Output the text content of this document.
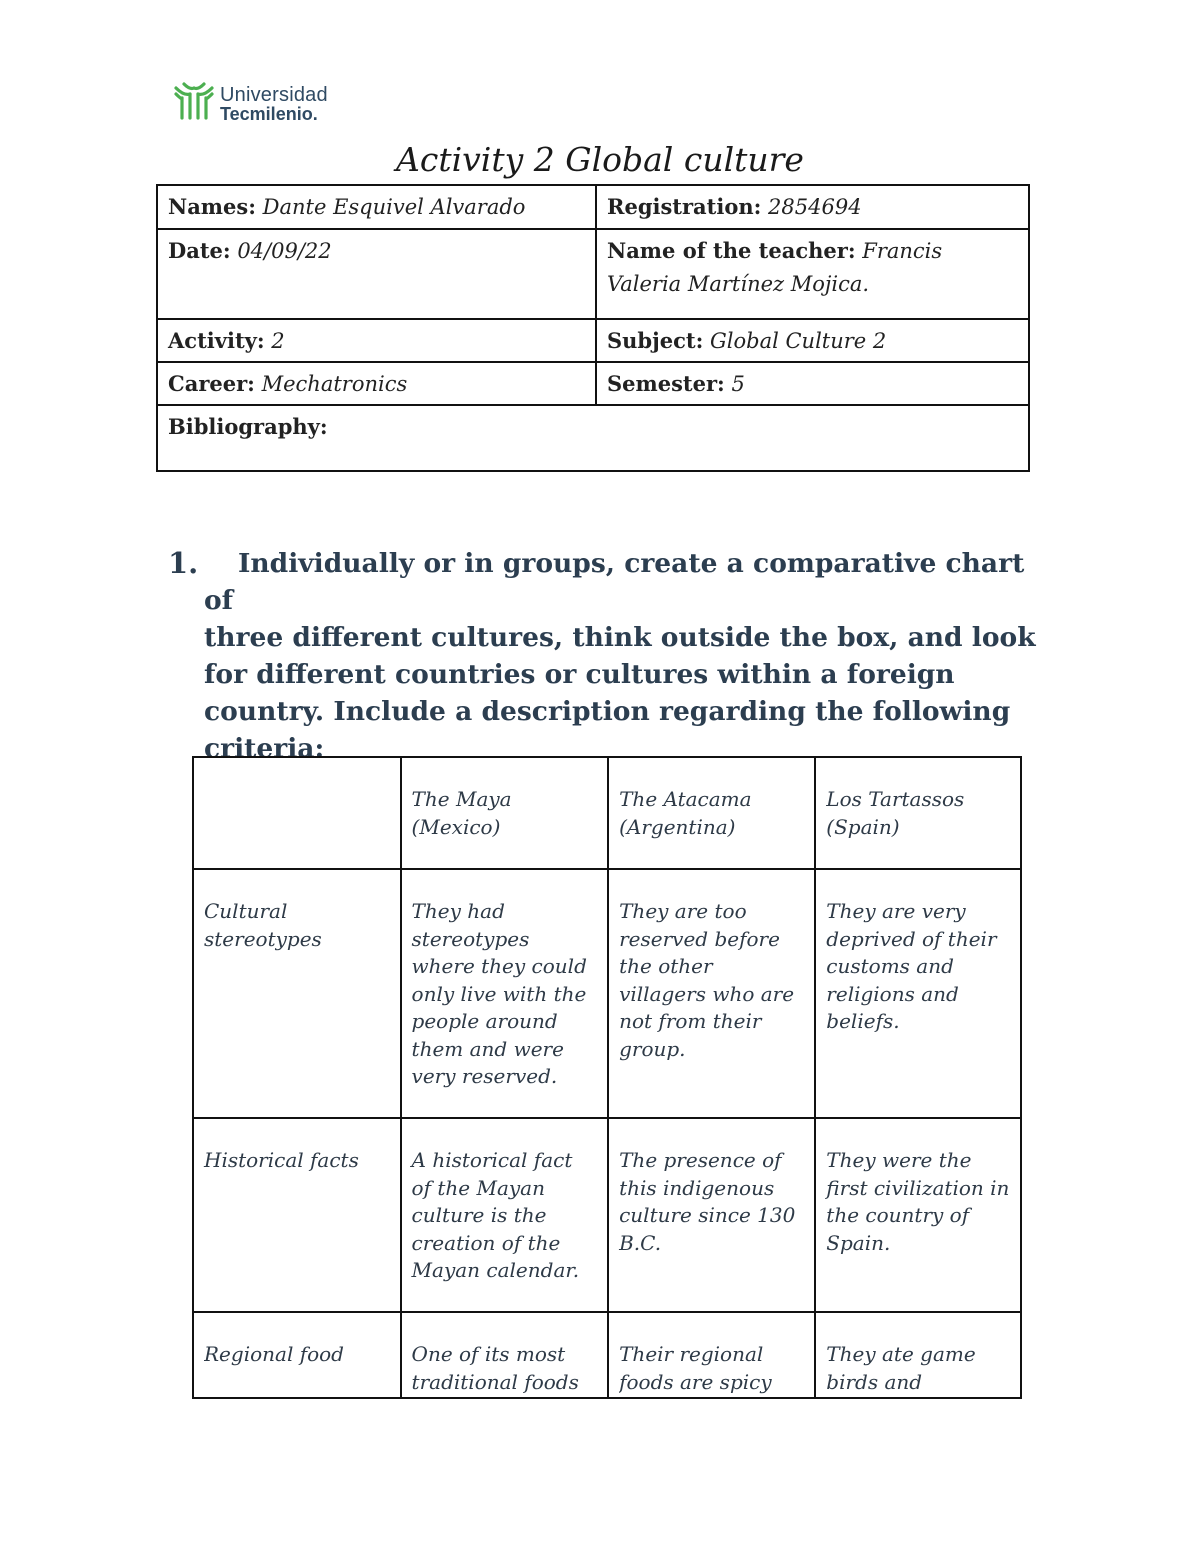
Universidad
Tecmilenio.
Activity 2 Global culture
Names: Dante Esquivel Alvarado	Registration: 2854694
Date: 04/09/22	Name of the teacher: Francis Valeria Martínez Mojica.
Activity: 2	Subject: Global Culture 2
Career: Mechatronics	Semester: 5
Bibliography:	
1.	Individually or in groups, create a comparative chart of
three different cultures, think outside the box, and look
for different countries or cultures within a foreign
country. Include a description regarding the following
criteria:
	The Maya (Mexico)	The Atacama (Argentina)	Los Tartassos (Spain)
Cultural stereotypes	They had stereotypes where they could only live with the people around them and were very reserved.	They are too reserved before the other villagers who are not from their group.	They are very deprived of their customs and religions and beliefs.
Historical facts	A historical fact of the Mayan culture is the creation of the Mayan calendar.	The presence of this indigenous culture since 130 B.C.	They were the first civilization in the country of Spain.

Regional food	One of its most traditional foods	Their regional foods are spicy	They ate game birds and
